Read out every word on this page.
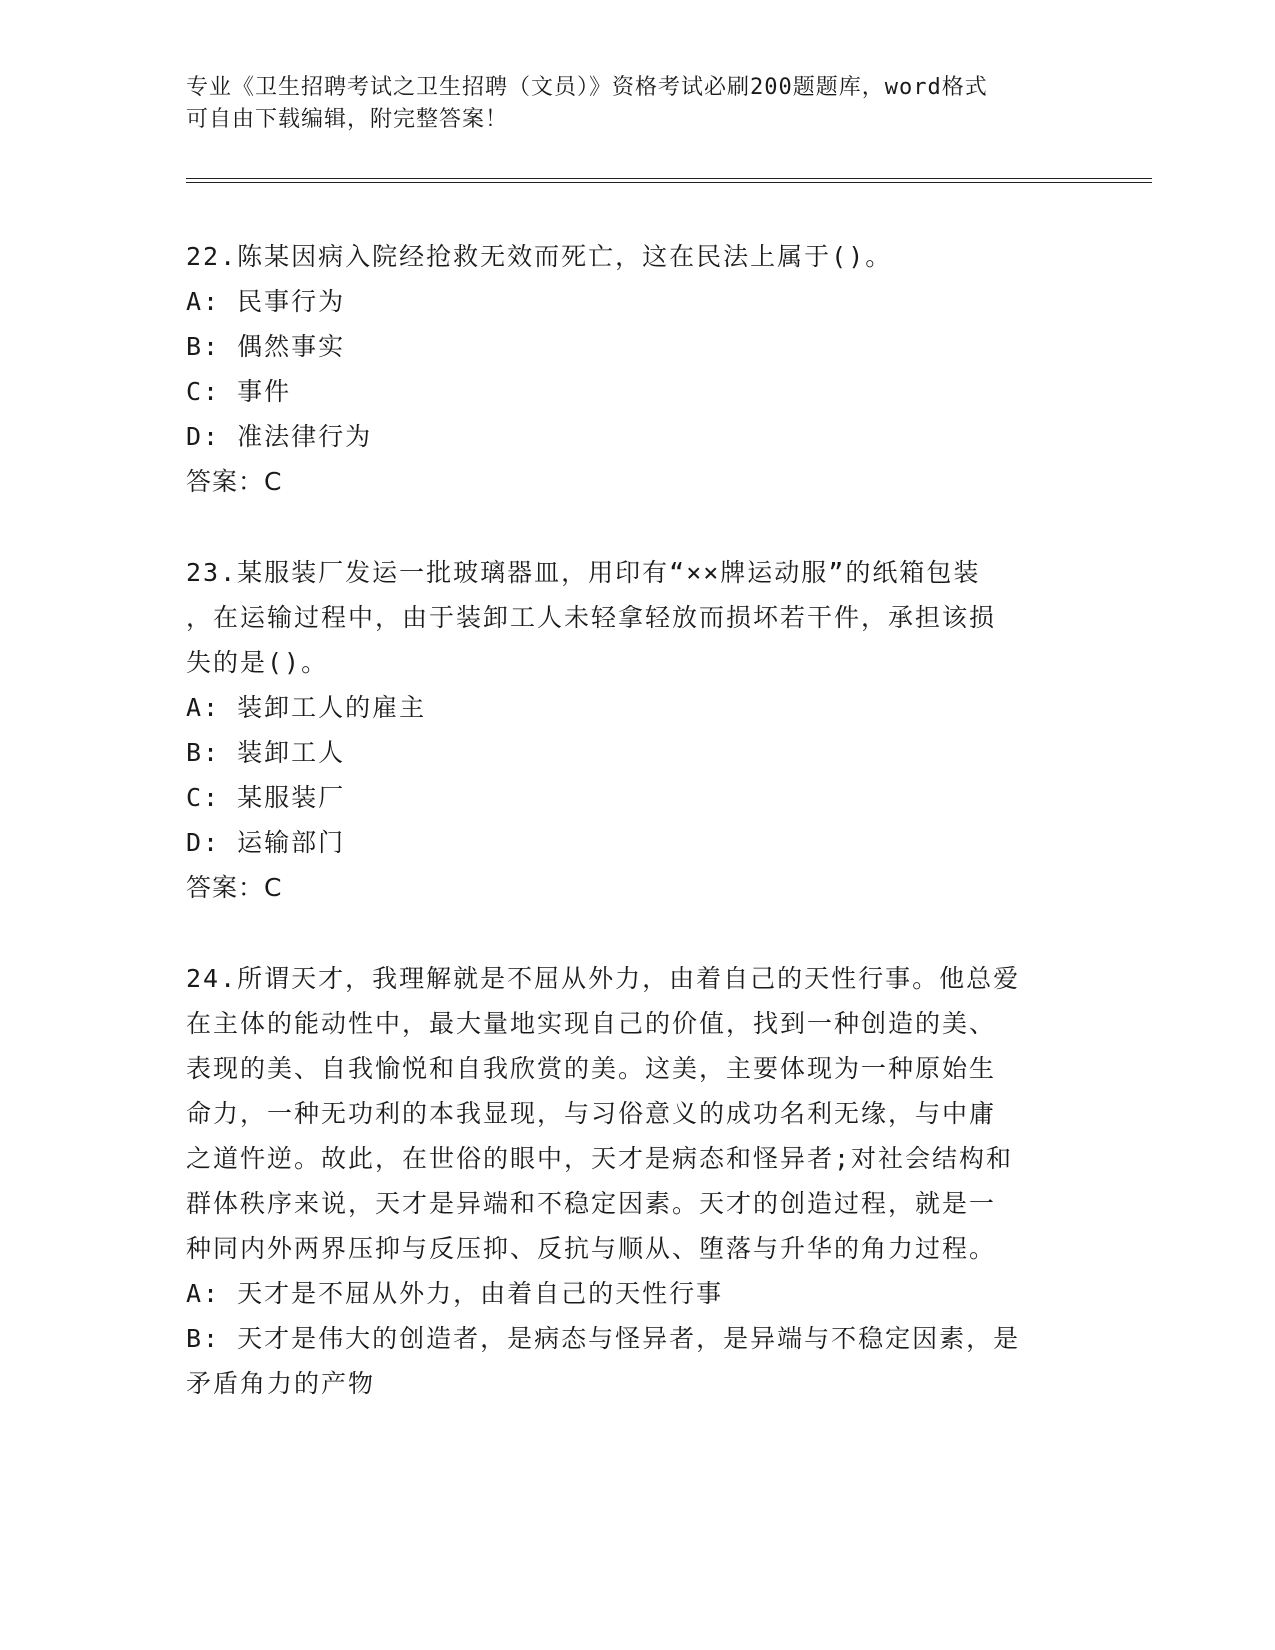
专业《卫生招聘考试之卫生招聘（文员）》资格考试必刷200题题库，word格式
可自由下载编辑，附完整答案！

22.陈某因病入院经抢救无效而死亡，这在民法上属于()。

A: 民事行为

B: 偶然事实

C: 事件

D: 准法律行为

答案：C

23.某服装厂发运一批玻璃器皿，用印有“××牌运动服”的纸箱包装

，在运输过程中，由于装卸工人未轻拿轻放而损坏若干件，承担该损

失的是()。

A: 装卸工人的雇主

B: 装卸工人

C: 某服装厂

D: 运输部门

答案：C

24.所谓天才，我理解就是不屈从外力，由着自己的天性行事。他总爱

在主体的能动性中，最大量地实现自己的价值，找到一种创造的美、

表现的美、自我愉悦和自我欣赏的美。这美，主要体现为一种原始生

命力，一种无功利的本我显现，与习俗意义的成功名利无缘，与中庸

之道忤逆。故此，在世俗的眼中，天才是病态和怪异者;对社会结构和

群体秩序来说，天才是异端和不稳定因素。天才的创造过程，就是一

种同内外两界压抑与反压抑、反抗与顺从、堕落与升华的角力过程。

A: 天才是不屈从外力，由着自己的天性行事

B: 天才是伟大的创造者，是病态与怪异者，是异端与不稳定因素，是

矛盾角力的产物
